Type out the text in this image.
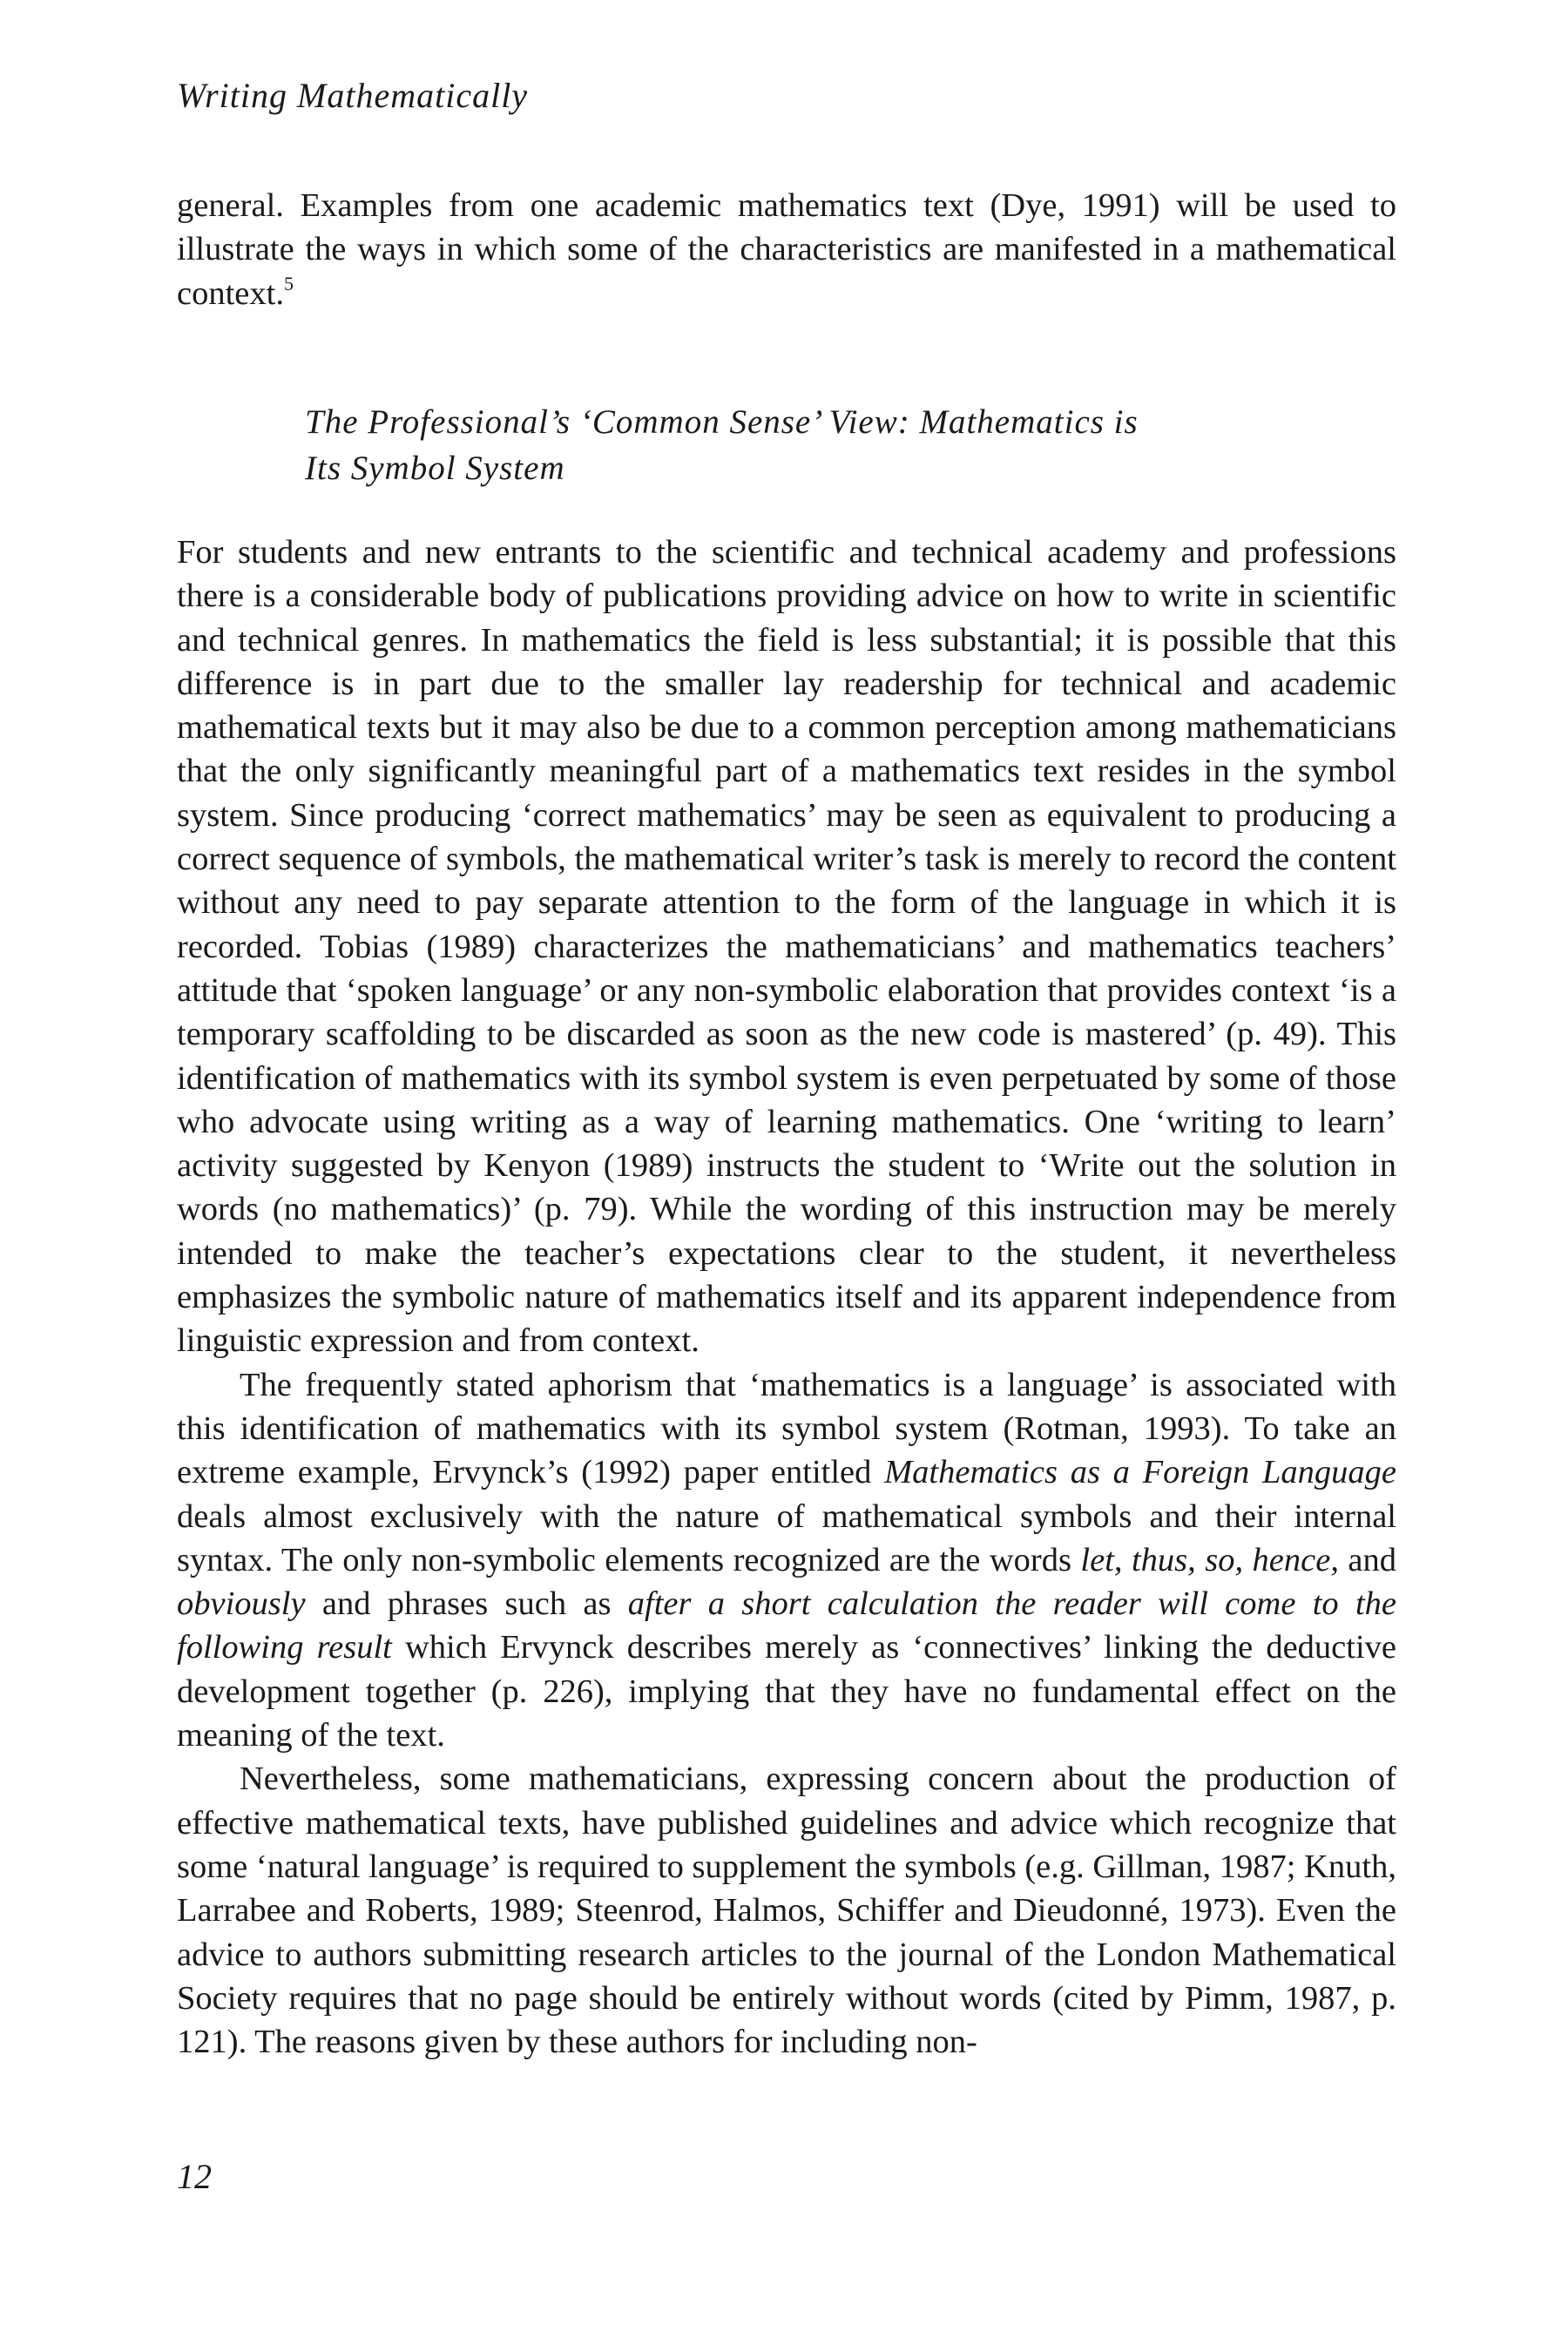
Writing Mathematically

general. Examples from one academic mathematics text (Dye, 1991) will be used to illustrate the ways in which some of the characteristics are manifested in a mathematical context.$^5$

The Professional’s ‘Common Sense’ View: Mathematics is
Its Symbol System

For students and new entrants to the scientific and technical academy and professions there is a considerable body of publications providing advice on how to write in scientific and technical genres. In mathematics the field is less substantial; it is possible that this difference is in part due to the smaller lay readership for technical and academic mathematical texts but it may also be due to a common perception among mathematicians that the only significantly meaningful part of a mathematics text resides in the symbol system. Since producing ‘correct mathematics’ may be seen as equivalent to producing a correct sequence of symbols, the mathematical writer’s task is merely to record the content without any need to pay separate attention to the form of the language in which it is recorded. Tobias (1989) characterizes the mathematicians’ and mathematics teachers’ attitude that ‘spoken language’ or any non-symbolic elaboration that provides context ‘is a temporary scaffolding to be discarded as soon as the new code is mastered’ (p. 49). This identification of mathematics with its symbol system is even perpetuated by some of those who advocate using writing as a way of learning mathematics. One ‘writing to learn’ activity suggested by Kenyon (1989) instructs the student to ‘Write out the solution in words (no mathematics)’ (p. 79). While the wording of this instruction may be merely intended to make the teacher’s expectations clear to the student, it nevertheless emphasizes the symbolic nature of mathematics itself and its apparent independence from linguistic expression and from context.

The frequently stated aphorism that ‘mathematics is a language’ is associated with this identification of mathematics with its symbol system (Rotman, 1993). To take an extreme example, Ervynck’s (1992) paper entitled Mathematics as a Foreign Language deals almost exclusively with the nature of mathematical symbols and their internal syntax. The only non-symbolic elements recognized are the words let, thus, so, hence, and obviously and phrases such as after a short calculation the reader will come to the following result which Ervynck describes merely as ‘connectives’ linking the deductive development together (p. 226), implying that they have no fundamental effect on the meaning of the text.

Nevertheless, some mathematicians, expressing concern about the production of effective mathematical texts, have published guidelines and advice which recognize that some ‘natural language’ is required to supplement the symbols (e.g. Gillman, 1987; Knuth, Larrabee and Roberts, 1989; Steenrod, Halmos, Schiffer and Dieudonné, 1973). Even the advice to authors submitting research articles to the journal of the London Mathematical Society requires that no page should be entirely without words (cited by Pimm, 1987, p. 121). The reasons given by these authors for including non-

12
